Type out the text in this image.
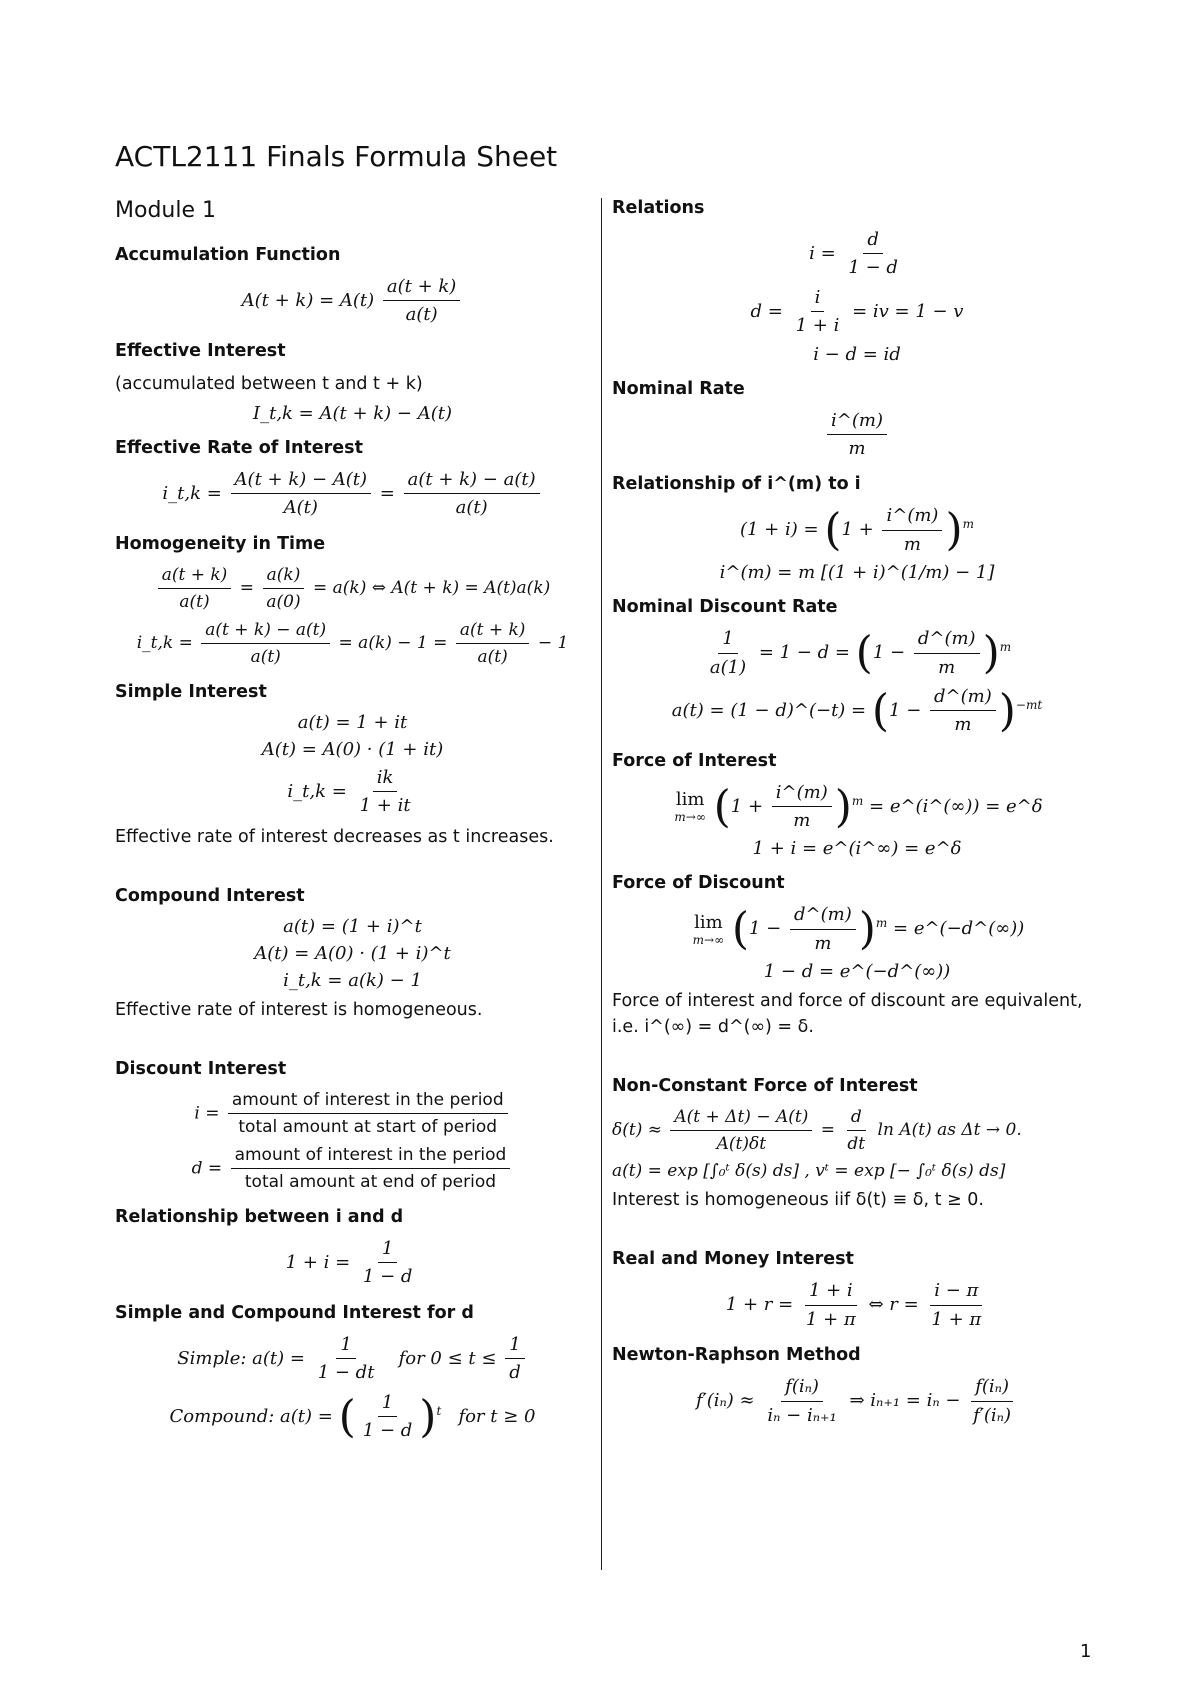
ACTL2111 Finals Formula Sheet
Module 1
Accumulation Function
$A(t + k) = A(t) \frac{a(t + k)}{a(t)}$
Effective Interest
(accumulated between t and t + k)
I_t,k = A(t + k) − A(t)
Effective Rate of Interest
i_t,k = $\frac{A(t + k) - A(t)}{A(t)} = \frac{a(t + k) - a(t)}{a(t)}$
Homogeneity in Time
$\frac{a(t + k)}{a(t)} = \frac{a(k)}{a(0)} = a(k)$ ⇔ A(t + k) = A(t)a(k)
i_t,k = $\frac{a(t + k) - a(t)}{a(t)} = a(k) - 1 = \frac{a(t + k)}{a(t)} - 1$
Simple Interest
a(t) = 1 + it
A(t) = A(0) · (1 + it)
i_t,k = $\frac{ik}{1 + it}$
Effective rate of interest decreases as t increases.
Compound Interest
a(t) = (1 + i)^t
A(t) = A(0) · (1 + i)^t
i_t,k = a(k) − 1
Effective rate of interest is homogeneous.
Discount Interest
$i = \frac{\text{amount of interest in the period}}{\text{total amount at start of period}}$
$d = \frac{\text{amount of interest in the period}}{\text{total amount at end of period}}$
Relationship between i and d
$1 + i = \frac{1}{1 - d}$
Simple and Compound Interest for d
Simple: $a(t) = \frac{1}{1 - dt}$ for $0 \le t \le \frac{1}{d}$
Compound: a(t) = ( $\frac{1}{1 - d} )^t$ for t ≥ 0
Relations
$i = \frac{d}{1 - d}$
$d = \frac{i}{1 + i}$ = iv = 1 − v
i − d = id
Nominal Rate
$\frac{i\^{}(m)}{m}$
Relationship of i^(m) to i
$(1 + i) = (1 + \frac{i\^{}(m)}{m} )^m$
i^(m) = m [(1 + i)^(1/m) − 1]
Nominal Discount Rate
$\frac{1}{a(1)} = 1 - d = (1 - \frac{d\^{}(m)}{m} )^m$
a(t) = (1 − d)^(−t) = $(1 - \frac{d\^{}(m)}{m} )^{-mt}$
Force of Interest
lim
m→∞ $(1 + \frac{i\^{}(m)}{m} )^m$ = e^(i^(∞)) = e^δ
1 + i = e^(i^∞) = e^δ
Force of Discount
lim
m→∞ $(1 - \frac{d\^{}(m)}{m} )^m$ = e^(−d^(∞))
1 − d = e^(−d^(∞))
Force of interest and force of discount are equivalent, i.e. i^(∞) = d^(∞) = δ.
Non-Constant Force of Interest
$\delta(t) \approx \frac{A(t + \Delta t) - A(t)}{A(t)\delta t} = \frac{d}{dt}$ ln A(t) as Δt → 0.
a(t) = exp [∫₀ᵗ δ(s) ds] , vᵗ = exp [− ∫₀ᵗ δ(s) ds]
Interest is homogeneous iif δ(t) ≡ δ, t ≥ 0.
Real and Money Interest
$1 + r = \frac{1 + i}{1 + \pi}$ ⇔ $r = \frac{i - \pi}{1 + \pi}$
Newton-Raphson Method
$f'(i_n) \approx \frac{\text{f(iₙ)}}{\text{iₙ − iₙ₊₁}}$ ⇒ $i_{n+1} = i_n - \frac{\text{f(iₙ)}}{\text{f′(iₙ)}}$
1
